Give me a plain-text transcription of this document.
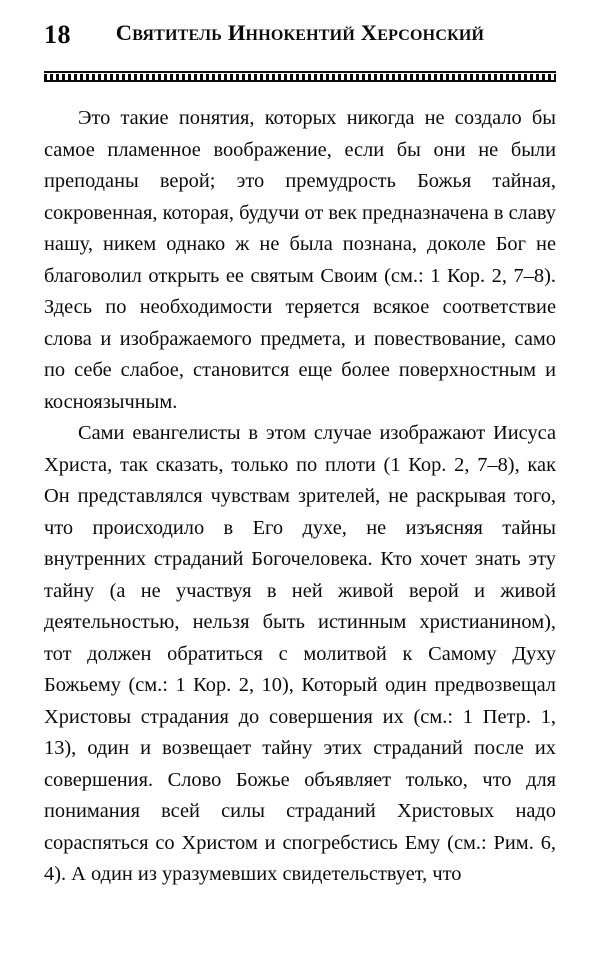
18	Святитель Иннокентий Херсонский

Это такие понятия, которых никогда не создало бы самое пламенное воображение, если бы они не были преподаны верой; это премудрость Божья тайная, сокровенная, которая, будучи от век предназначена в славу нашу, никем однако ж не была познана, доколе Бог не благоволил открыть ее святым Своим (см.: 1 Кор. 2, 7–8). Здесь по необходимости теряется всякое соответствие слова и изображаемого предмета, и повествование, само по себе слабое, становится еще более поверхностным и косноязычным.

Сами евангелисты в этом случае изображают Иисуса Христа, так сказать, только по плоти (1 Кор. 2, 7–8), как Он представлялся чувствам зрителей, не раскрывая того, что происходило в Его духе, не изъясняя тайны внутренних страданий Богочеловека. Кто хочет знать эту тайну (а не участвуя в ней живой верой и живой деятельностью, нельзя быть истинным христианином), тот должен обратиться с молитвой к Самому Духу Божьему (см.: 1 Кор. 2, 10), Который один предвозвещал Христовы страдания до совершения их (см.: 1 Петр. 1, 13), один и возвещает тайну этих страданий после их совершения. Слово Божье объявляет только, что для понимания всей силы страданий Христовых надо сораспяться со Христом и спогребстись Ему (см.: Рим. 6, 4). А один из уразумевших свидетельствует, что
